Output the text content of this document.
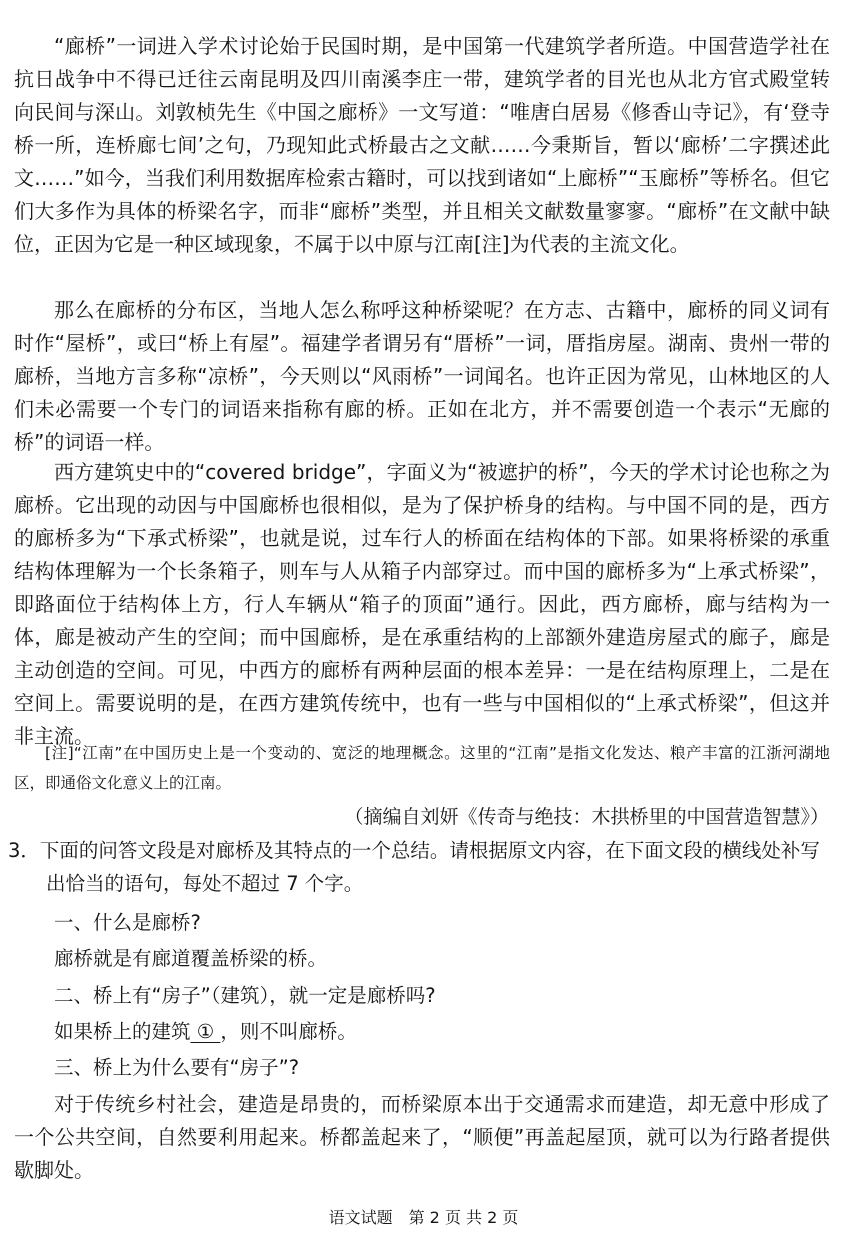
“廊桥”一词进入学术讨论始于民国时期，是中国第一代建筑学者所造。中国营造学社在抗日战争中不得已迁往云南昆明及四川南溪李庄一带，建筑学者的目光也从北方官式殿堂转向民间与深山。刘敦桢先生《中国之廊桥》一文写道：“唯唐白居易《修香山寺记》，有‘登寺桥一所，连桥廊七间’之句，乃现知此式桥最古之文献……今秉斯旨，暂以‘廊桥’二字撰述此文……”如今，当我们利用数据库检索古籍时，可以找到诸如“上廊桥”“玉廊桥”等桥名。但它们大多作为具体的桥梁名字，而非“廊桥”类型，并且相关文献数量寥寥。“廊桥”在文献中缺位，正因为它是一种区域现象，不属于以中原与江南[注]为代表的主流文化。

那么在廊桥的分布区，当地人怎么称呼这种桥梁呢？在方志、古籍中，廊桥的同义词有时作“屋桥”，或曰“桥上有屋”。福建学者谓另有“厝桥”一词，厝指房屋。湖南、贵州一带的廊桥，当地方言多称“凉桥”，今天则以“风雨桥”一词闻名。也许正因为常见，山林地区的人们未必需要一个专门的词语来指称有廊的桥。正如在北方，并不需要创造一个表示“无廊的桥”的词语一样。

西方建筑史中的“covered bridge”，字面义为“被遮护的桥”，今天的学术讨论也称之为廊桥。它出现的动因与中国廊桥也很相似，是为了保护桥身的结构。与中国不同的是，西方的廊桥多为“下承式桥梁”，也就是说，过车行人的桥面在结构体的下部。如果将桥梁的承重结构体理解为一个长条箱子，则车与人从箱子内部穿过。而中国的廊桥多为“上承式桥梁”，即路面位于结构体上方，行人车辆从“箱子的顶面”通行。因此，西方廊桥，廊与结构为一体，廊是被动产生的空间；而中国廊桥，是在承重结构的上部额外建造房屋式的廊子，廊是主动创造的空间。可见，中西方的廊桥有两种层面的根本差异：一是在结构原理上，二是在空间上。需要说明的是，在西方建筑传统中，也有一些与中国相似的“上承式桥梁”，但这并非主流。

[注]“江南”在中国历史上是一个变动的、宽泛的地理概念。这里的“江南”是指文化发达、粮产丰富的江浙河湖地区，即通俗文化意义上的江南。

（摘编自刘妍《传奇与绝技：木拱桥里的中国营造智慧》）

3．下面的问答文段是对廊桥及其特点的一个总结。请根据原文内容，在下面文段的横线处补写出恰当的语句，每处不超过 7 个字。

一、什么是廊桥?

廊桥就是有廊道覆盖桥梁的桥。

二、桥上有“房子”（建筑），就一定是廊桥吗?

如果桥上的建筑 ① ，则不叫廊桥。

三、桥上为什么要有“房子”?

对于传统乡村社会，建造是昂贵的，而桥梁原本出于交通需求而建造，却无意中形成了一个公共空间，自然要利用起来。桥都盖起来了，“顺便”再盖起屋顶，就可以为行路者提供歇脚处。

语文试题　第 2 页 共 2 页
